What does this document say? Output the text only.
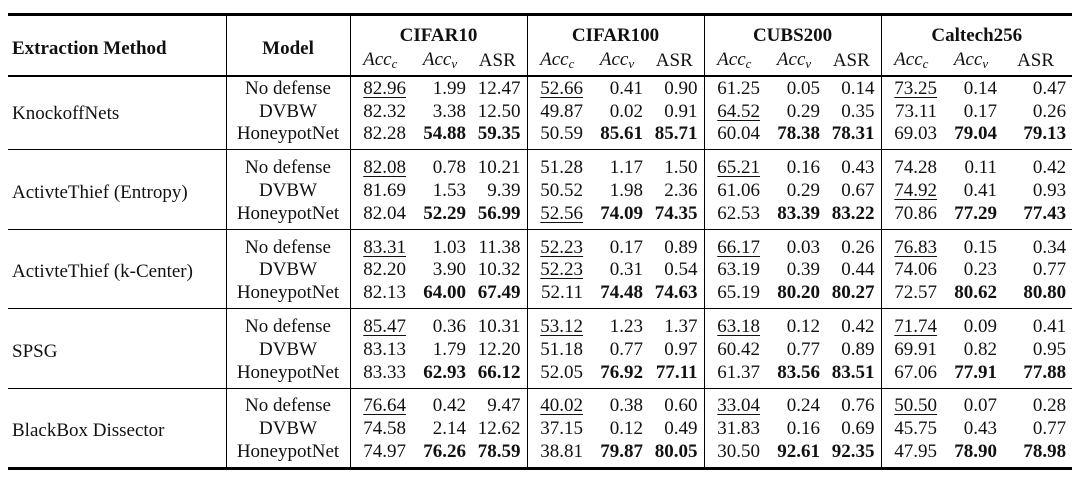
Extraction Method	Model	CIFAR10			CIFAR100			CUBS200			Caltech256		
		Acc$_c$	Acc$_v$	ASR	Acc$_c$	Acc$_v$	ASR	Acc$_c$	Acc$_v$	ASR	Acc$_c$	Acc$_v$	ASR
KnockoffNets	No defense	82.96	1.99	12.47	52.66	0.41	0.90	61.25	0.05	0.14	73.25	0.14	0.47
	DVBW	82.32	3.38	12.50	49.87	0.02	0.91	64.52	0.29	0.35	73.11	0.17	0.26
	HoneypotNet	82.28	54.88	59.35	50.59	85.61	85.71	60.04	78.38	78.31	69.03	79.04	79.13
ActivteThief (Entropy)	No defense	82.08	0.78	10.21	51.28	1.17	1.50	65.21	0.16	0.43	74.28	0.11	0.42
	DVBW	81.69	1.53	9.39	50.52	1.98	2.36	61.06	0.29	0.67	74.92	0.41	0.93
	HoneypotNet	82.04	52.29	56.99	52.56	74.09	74.35	62.53	83.39	83.22	70.86	77.29	77.43
ActivteThief (k-Center)	No defense	83.31	1.03	11.38	52.23	0.17	0.89	66.17	0.03	0.26	76.83	0.15	0.34
	DVBW	82.20	3.90	10.32	52.23	0.31	0.54	63.19	0.39	0.44	74.06	0.23	0.77
	HoneypotNet	82.13	64.00	67.49	52.11	74.48	74.63	65.19	80.20	80.27	72.57	80.62	80.80
SPSG	No defense	85.47	0.36	10.31	53.12	1.23	1.37	63.18	0.12	0.42	71.74	0.09	0.41
	DVBW	83.13	1.79	12.20	51.18	0.77	0.97	60.42	0.77	0.89	69.91	0.82	0.95
	HoneypotNet	83.33	62.93	66.12	52.05	76.92	77.11	61.37	83.56	83.51	67.06	77.91	77.88
BlackBox Dissector	No defense	76.64	0.42	9.47	40.02	0.38	0.60	33.04	0.24	0.76	50.50	0.07	0.28
	DVBW	74.58	2.14	12.62	37.15	0.12	0.49	31.83	0.16	0.69	45.75	0.43	0.77
	HoneypotNet	74.97	76.26	78.59	38.81	79.87	80.05	30.50	92.61	92.35	47.95	78.90	78.98
